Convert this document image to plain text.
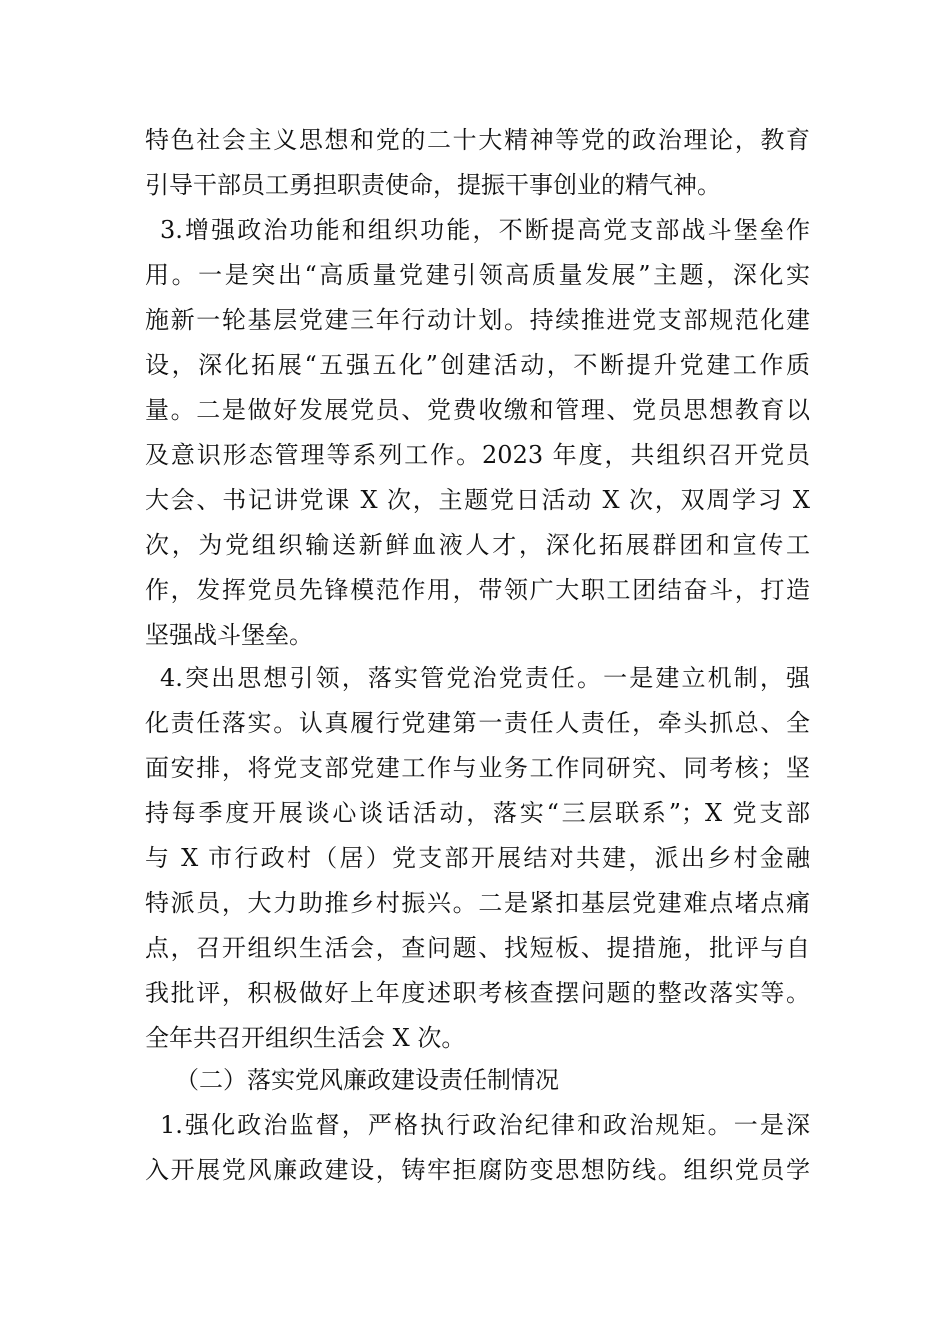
特色社会主义思想和党的二十大精神等党的政治理论，教育

引导干部员工勇担职责使命，提振干事创业的精气神。

3.增强政治功能和组织功能，不断提高党支部战斗堡垒作

用。一是突出“高质量党建引领高质量发展”主题，深化实

施新一轮基层党建三年行动计划。持续推进党支部规范化建

设，深化拓展“五强五化”创建活动，不断提升党建工作质

量。二是做好发展党员、党费收缴和管理、党员思想教育以

及意识形态管理等系列工作。2023 年度，共组织召开党员

大会、书记讲党课 X 次，主题党日活动 X 次，双周学习 X

次，为党组织输送新鲜血液人才，深化拓展群团和宣传工

作，发挥党员先锋模范作用，带领广大职工团结奋斗，打造

坚强战斗堡垒。

4.突出思想引领，落实管党治党责任。一是建立机制，强

化责任落实。认真履行党建第一责任人责任，牵头抓总、全

面安排，将党支部党建工作与业务工作同研究、同考核；坚

持每季度开展谈心谈话活动，落实“三层联系”；X 党支部

与 X 市行政村（居）党支部开展结对共建，派出乡村金融

特派员，大力助推乡村振兴。二是紧扣基层党建难点堵点痛

点，召开组织生活会，查问题、找短板、提措施，批评与自

我批评，积极做好上年度述职考核查摆问题的整改落实等。

全年共召开组织生活会 X 次。

（二）落实党风廉政建设责任制情况

1.强化政治监督，严格执行政治纪律和政治规矩。一是深

入开展党风廉政建设，铸牢拒腐防变思想防线。组织党员学
